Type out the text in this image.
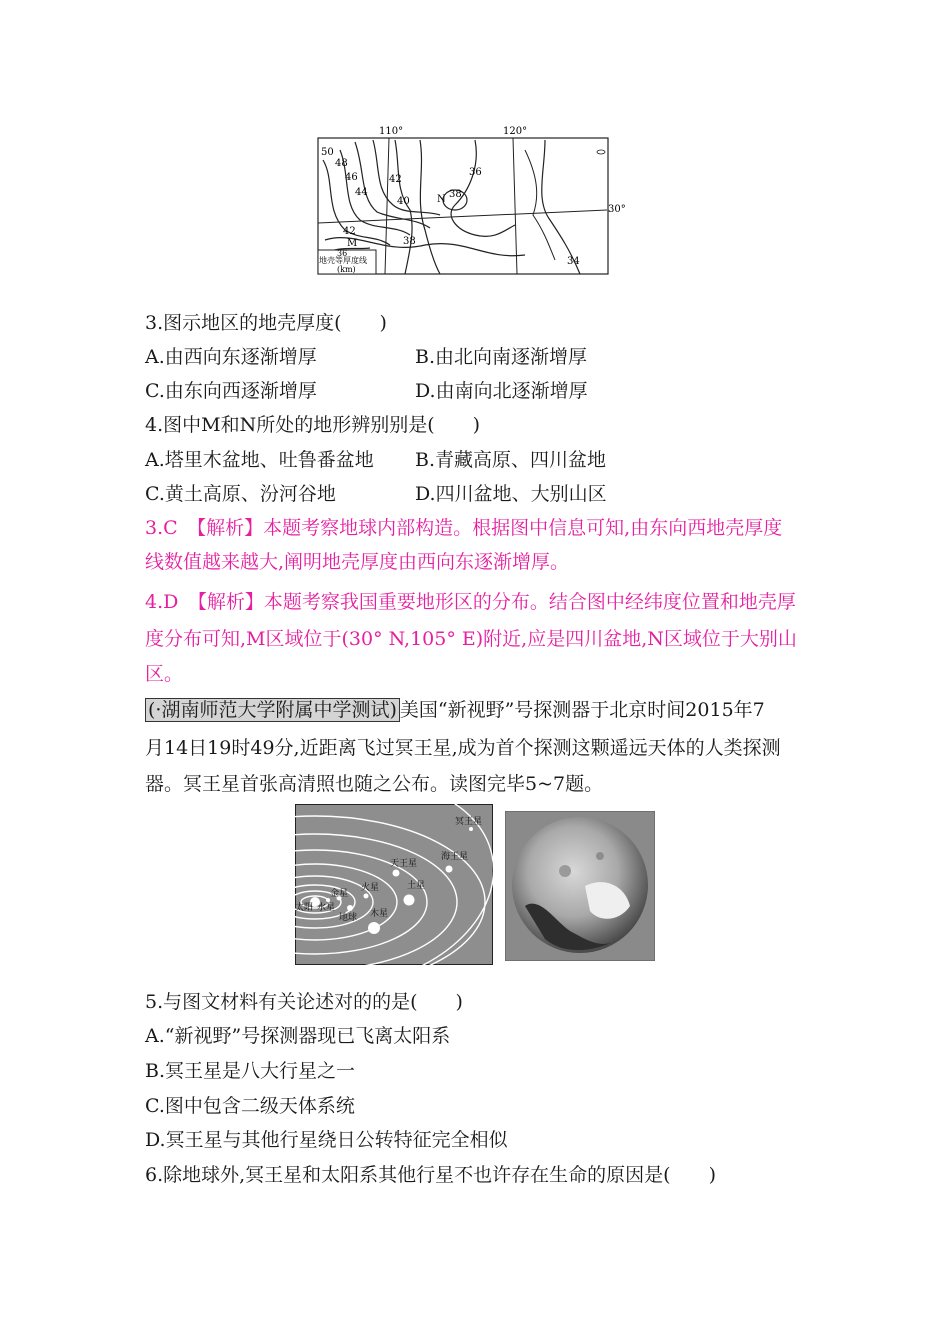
110°	120°
30°
50
48
46
44
42
40
38
36
34
42
38
36
N
M
地壳等厚度线
(km)
3.图示地区的地壳厚度(　　)
A.由西向东逐渐增厚	B.由北向南逐渐增厚
C.由东向西逐渐增厚	D.由南向北逐渐增厚
4.图中M和N所处的地形辨别别是(　　)
A.塔里木盆地、吐鲁番盆地 B.青藏高原、四川盆地
C.黄土高原、汾河谷地	D.四川盆地、大别山区
3.C　【解析】本题考察地球内部构造。根据图中信息可知,由东向西地壳厚度
线数值越来越大,阐明地壳厚度由西向东逐渐增厚。
4.D　【解析】本题考察我国重要地形区的分布。结合图中经纬度位置和地壳厚
度分布可知,M区域位于(30° N,105° E)附近,应是四川盆地,N区域位于大别山
区。
(·湖南师范大学附属中学测试) 美国“新视野”号探测器于北京时间2015年7
月14日19时49分,近距离飞过冥王星,成为首个探测这颗遥远天体的人类探测
器。冥王星首张高清照也随之公布。读图完毕5~7题。
冥王星
海王星
天王星
土星
火星
金星
太阳 水星
地球 木星
5.与图文材料有关论述对的的是(　　)
A.“新视野”号探测器现已飞离太阳系
B.冥王星是八大行星之一
C.图中包含二级天体系统
D.冥王星与其他行星绕日公转特征完全相似
6.除地球外,冥王星和太阳系其他行星不也许存在生命的原因是(　　)
